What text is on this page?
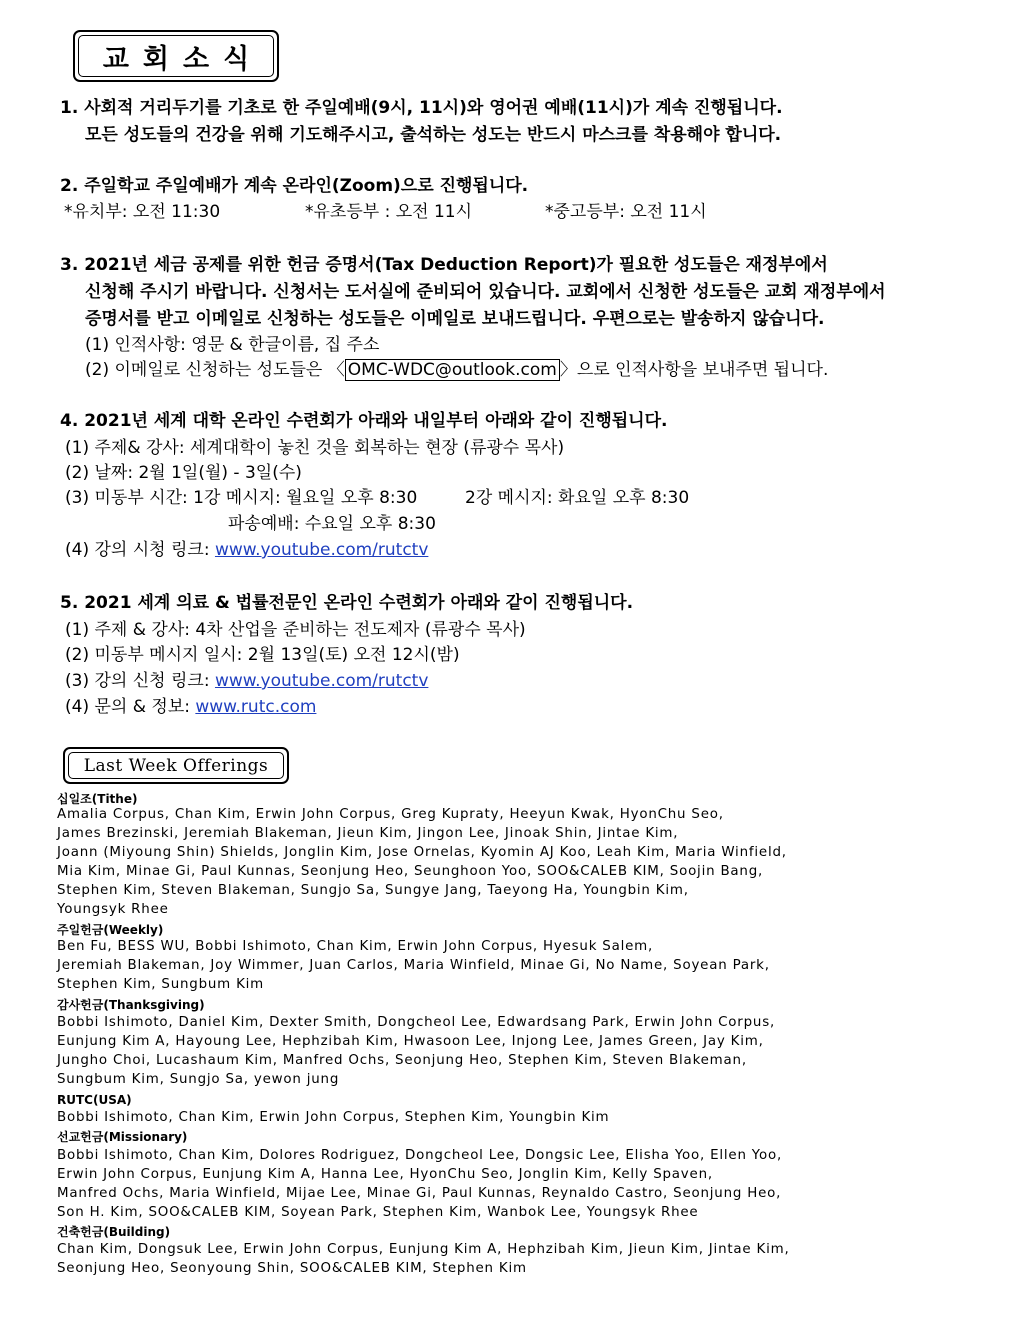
교회소식
1. 사회적 거리두기를 기초로 한 주일예배(9시, 11시)와 영어권 예배(11시)가 계속 진행됩니다.
모든 성도들의 건강을 위해 기도해주시고, 출석하는 성도는 반드시 마스크를 착용해야 합니다.
2. 주일학교 주일예배가 계속 온라인(Zoom)으로 진행됩니다.
*유치부: 오전 11:30	*유초등부 : 오전 11시	*중고등부: 오전 11시
3. 2021년 세금 공제를 위한 헌금 증명서(Tax Deduction Report)가 필요한 성도들은 재정부에서
신청해 주시기 바랍니다. 신청서는 도서실에 준비되어 있습니다. 교회에서 신청한 성도들은 교회 재정부에서
증명서를 받고 이메일로 신청하는 성도들은 이메일로 보내드립니다. 우편으로는 발송하지 않습니다.
(1) 인적사항: 영문 & 한글이름, 집 주소
(2) 이메일로 신청하는 성도들은 〈 OMC-WDC@outlook.com 〉으로 인적사항을 보내주면 됩니다.
4. 2021년 세계 대학 온라인 수련회가 아래와 내일부터 아래와 같이 진행됩니다.
(1) 주제& 강사: 세계대학이 놓친 것을 회복하는 현장 (류광수 목사)
(2) 날짜: 2월 1일(월) - 3일(수)
(3) 미동부 시간: 1강 메시지: 월요일 오후 8:30	2강 메시지: 화요일 오후 8:30
파송예배: 수요일 오후 8:30
(4) 강의 시청 링크: www.youtube.com/rutctv
5. 2021 세계 의료 & 법률전문인 온라인 수련회가 아래와 같이 진행됩니다.
(1) 주제 & 강사: 4차 산업을 준비하는 전도제자 (류광수 목사)
(2) 미동부 메시지 일시: 2월 13일(토) 오전 12시(밤)
(3) 강의 신청 링크: www.youtube.com/rutctv
(4) 문의 & 정보: www.rutc.com
Last Week Offerings
십일조(Tithe)
Amalia Corpus, Chan Kim, Erwin John Corpus, Greg Kupraty, Heeyun Kwak, HyonChu Seo,
James Brezinski, Jeremiah Blakeman, Jieun Kim, Jingon Lee, Jinoak Shin, Jintae Kim,
Joann (Miyoung Shin) Shields, Jonglin Kim, Jose Ornelas, Kyomin AJ Koo, Leah Kim, Maria Winfield,
Mia Kim, Minae Gi, Paul Kunnas, Seonjung Heo, Seunghoon Yoo, SOO&CALEB KIM, Soojin Bang,
Stephen Kim, Steven Blakeman, Sungjo Sa, Sungye Jang, Taeyong Ha, Youngbin Kim,
Youngsyk Rhee
주일헌금(Weekly)
Ben Fu, BESS WU, Bobbi Ishimoto, Chan Kim, Erwin John Corpus, Hyesuk Salem,
Jeremiah Blakeman, Joy Wimmer, Juan Carlos, Maria Winfield, Minae Gi, No Name, Soyean Park,
Stephen Kim, Sungbum Kim
감사헌금(Thanksgiving)
Bobbi Ishimoto, Daniel Kim, Dexter Smith, Dongcheol Lee, Edwardsang Park, Erwin John Corpus,
Eunjung Kim A, Hayoung Lee, Hephzibah Kim, Hwasoon Lee, Injong Lee, James Green, Jay Kim,
Jungho Choi, Lucashaum Kim, Manfred Ochs, Seonjung Heo, Stephen Kim, Steven Blakeman,
Sungbum Kim, Sungjo Sa, yewon jung
RUTC(USA)
Bobbi Ishimoto, Chan Kim, Erwin John Corpus, Stephen Kim, Youngbin Kim
선교헌금(Missionary)
Bobbi Ishimoto, Chan Kim, Dolores Rodriguez, Dongcheol Lee, Dongsic Lee, Elisha Yoo, Ellen Yoo,
Erwin John Corpus, Eunjung Kim A, Hanna Lee, HyonChu Seo, Jonglin Kim, Kelly Spaven,
Manfred Ochs, Maria Winfield, Mijae Lee, Minae Gi, Paul Kunnas, Reynaldo Castro, Seonjung Heo,
Son H. Kim, SOO&CALEB KIM, Soyean Park, Stephen Kim, Wanbok Lee, Youngsyk Rhee
건축헌금(Building)
Chan Kim, Dongsuk Lee, Erwin John Corpus, Eunjung Kim A, Hephzibah Kim, Jieun Kim, Jintae Kim,
Seonjung Heo, Seonyoung Shin, SOO&CALEB KIM, Stephen Kim
